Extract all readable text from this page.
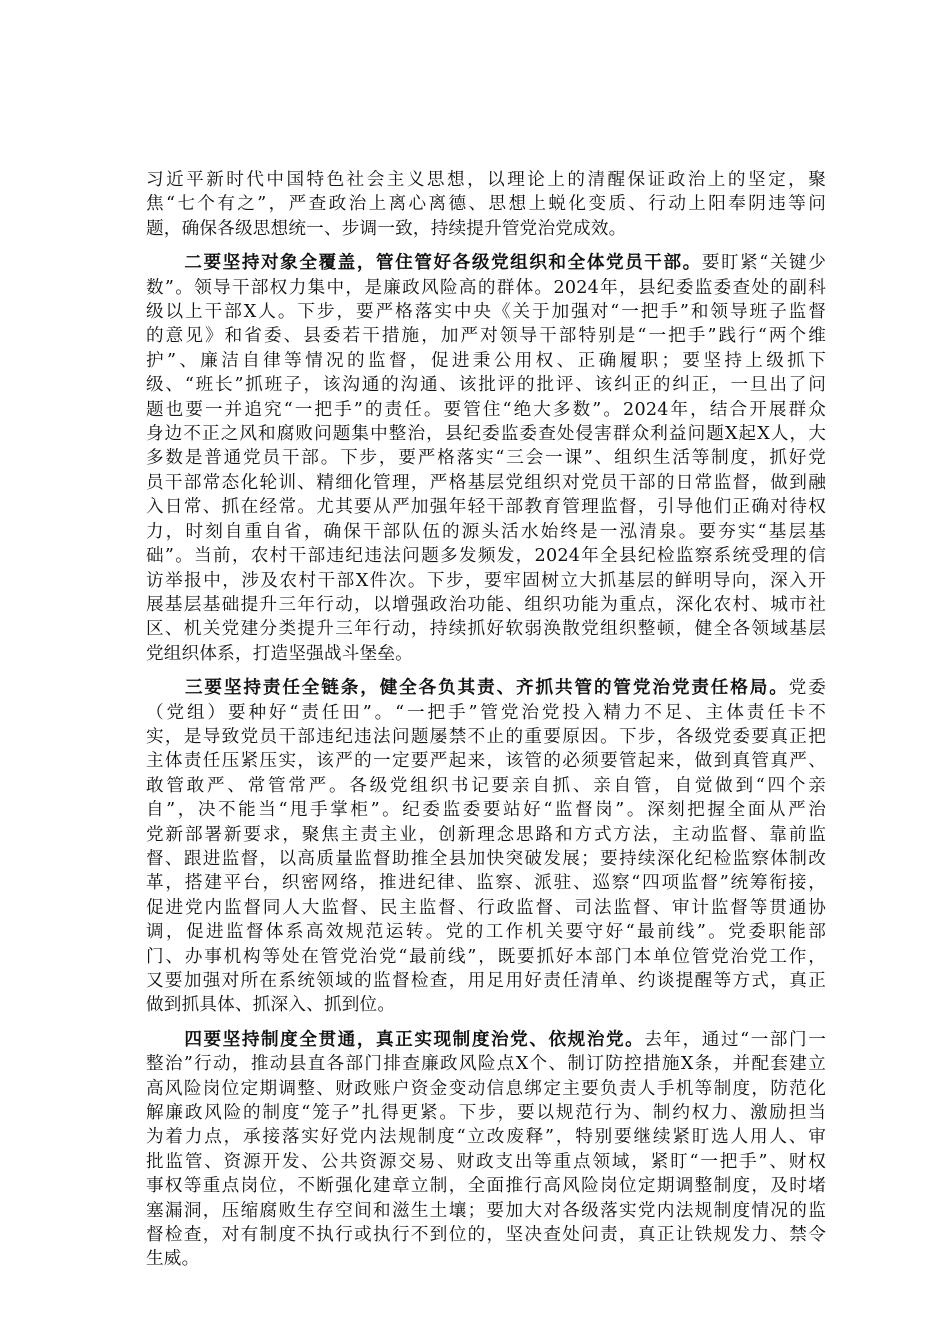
习近平新时代中国特色社会主义思想，以理论上的清醒保证政治上的坚定，聚
焦“七个有之”，严查政治上离心离德、思想上蜕化变质、行动上阳奉阴违等问
题，确保各级思想统一、步调一致，持续提升管党治党成效。
　　二要坚持对象全覆盖，管住管好各级党组织和全体党员干部。要盯紧“关键少
数”。领导干部权力集中，是廉政风险高的群体。2024年，县纪委监委查处的副科
级以上干部X人。下步，要严格落实中央《关于加强对“一把手”和领导班子监督
的意见》和省委、县委若干措施，加严对领导干部特别是“一把手”践行“两个维
护”、廉洁自律等情况的监督，促进秉公用权、正确履职；要坚持上级抓下
级、“班长”抓班子，该沟通的沟通、该批评的批评、该纠正的纠正，一旦出了问
题也要一并追究“一把手”的责任。要管住“绝大多数”。2024年，结合开展群众
身边不正之风和腐败问题集中整治，县纪委监委查处侵害群众利益问题X起X人，大
多数是普通党员干部。下步，要严格落实“三会一课”、组织生活等制度，抓好党
员干部常态化轮训、精细化管理，严格基层党组织对党员干部的日常监督，做到融
入日常、抓在经常。尤其要从严加强年轻干部教育管理监督，引导他们正确对待权
力，时刻自重自省，确保干部队伍的源头活水始终是一泓清泉。要夯实“基层基
础”。当前，农村干部违纪违法问题多发频发，2024年全县纪检监察系统受理的信
访举报中，涉及农村干部X件次。下步，要牢固树立大抓基层的鲜明导向，深入开
展基层基础提升三年行动，以增强政治功能、组织功能为重点，深化农村、城市社
区、机关党建分类提升三年行动，持续抓好软弱涣散党组织整顿，健全各领域基层
党组织体系，打造坚强战斗堡垒。
　　三要坚持责任全链条，健全各负其责、齐抓共管的管党治党责任格局。党委
（党组）要种好“责任田”。“一把手”管党治党投入精力不足、主体责任卡不
实，是导致党员干部违纪违法问题屡禁不止的重要原因。下步，各级党委要真正把
主体责任压紧压实，该严的一定要严起来，该管的必须要管起来，做到真管真严、
敢管敢严、常管常严。各级党组织书记要亲自抓、亲自管，自觉做到“四个亲
自”，决不能当“甩手掌柜”。纪委监委要站好“监督岗”。深刻把握全面从严治
党新部署新要求，聚焦主责主业，创新理念思路和方式方法，主动监督、靠前监
督、跟进监督，以高质量监督助推全县加快突破发展；要持续深化纪检监察体制改
革，搭建平台，织密网络，推进纪律、监察、派驻、巡察“四项监督”统筹衔接，
促进党内监督同人大监督、民主监督、行政监督、司法监督、审计监督等贯通协
调，促进监督体系高效规范运转。党的工作机关要守好“最前线”。党委职能部
门、办事机构等处在管党治党“最前线”，既要抓好本部门本单位管党治党工作，
又要加强对所在系统领域的监督检查，用足用好责任清单、约谈提醒等方式，真正
做到抓具体、抓深入、抓到位。
　　四要坚持制度全贯通，真正实现制度治党、依规治党。去年，通过“一部门一
整治”行动，推动县直各部门排查廉政风险点X个、制订防控措施X条，并配套建立
高风险岗位定期调整、财政账户资金变动信息绑定主要负责人手机等制度，防范化
解廉政风险的制度“笼子”扎得更紧。下步，要以规范行为、制约权力、激励担当
为着力点，承接落实好党内法规制度“立改废释”，特别要继续紧盯选人用人、审
批监管、资源开发、公共资源交易、财政支出等重点领域，紧盯“一把手”、财权
事权等重点岗位，不断强化建章立制，全面推行高风险岗位定期调整制度，及时堵
塞漏洞，压缩腐败生存空间和滋生土壤；要加大对各级落实党内法规制度情况的监
督检查，对有制度不执行或执行不到位的，坚决查处问责，真正让铁规发力、禁令
生威。
